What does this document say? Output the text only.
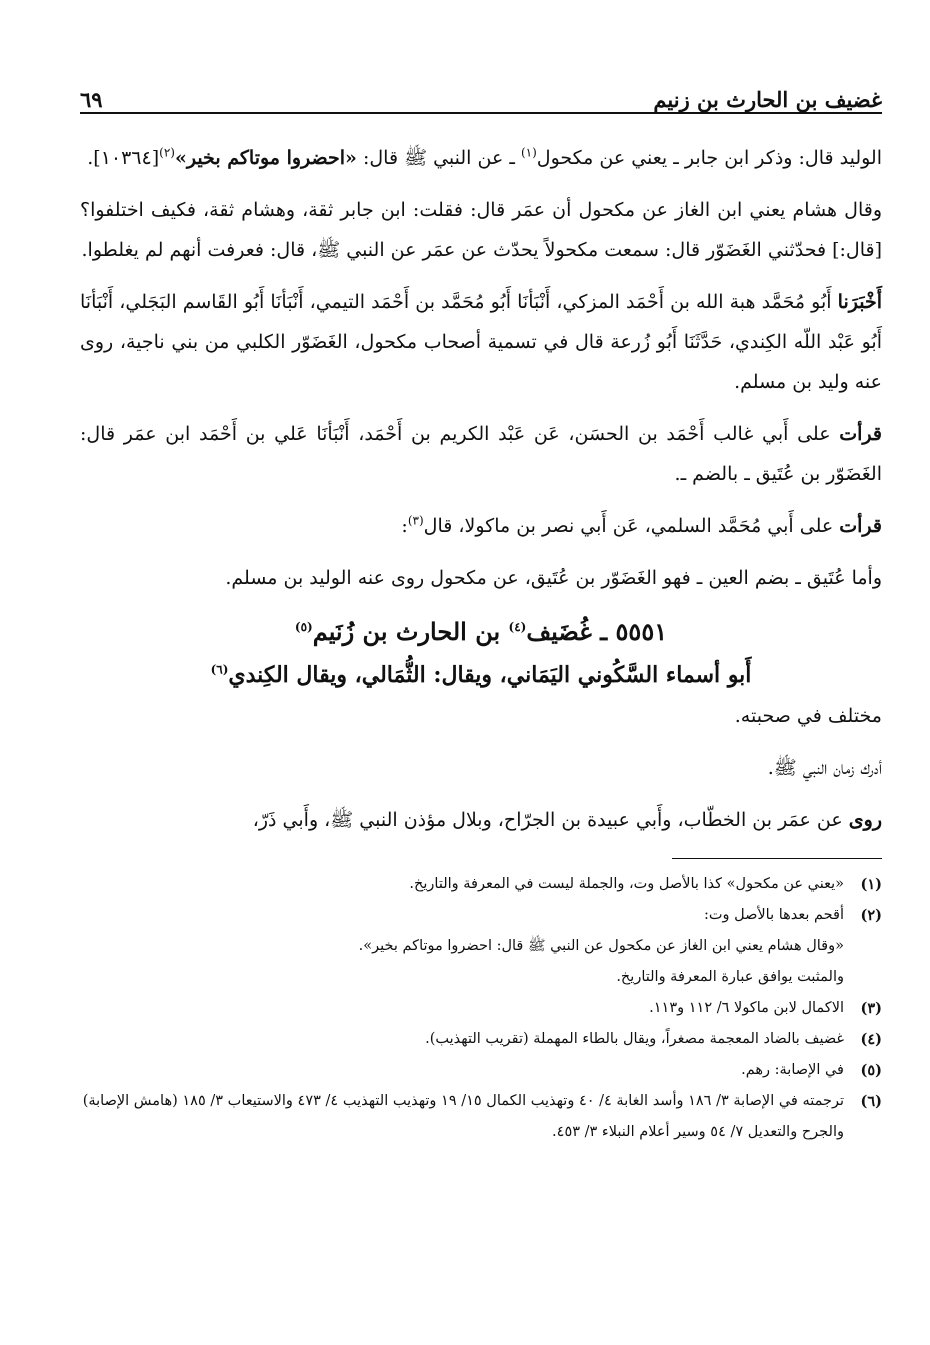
غضيف بن الحارث بن زنيم
٦٩

الوليد قال: وذكر ابن جابر ـ يعني عن مكحول$^{(١)}$ ـ عن النبي ﷺ قال: «احضروا موتاكم بخير»$^{(٢)}$[١٠٣٦٤].

وقال هشام يعني ابن الغاز عن مكحول أن عمَر قال: فقلت: ابن جابر ثقة، وهشام ثقة، فكيف اختلفوا؟ [قال:] فحدّثني الغَضَوّر قال: سمعت مكحولاً يحدّث عن عمَر عن النبي ﷺ، قال: فعرفت أنهم لم يغلطوا.

أَخْبَرَنا أَبُو مُحَمَّد هبة الله بن أَحْمَد المزكي، أَنْبَأنَا أَبُو مُحَمَّد بن أَحْمَد التيمي، أَنْبَأنَا أَبُو القَاسم البَجَلي، أَنْبَأنَا أَبُو عَبْد اللّه الكِندي، حَدَّثَنَا أَبُو زُرعة قال في تسمية أصحاب مكحول، الغَضَوّر الكلبي من بني ناجية، روى عنه وليد بن مسلم.

قرأت على أَبي غالب أَحْمَد بن الحسَن، عَن عَبْد الكريم بن أَحْمَد، أَنْبَأنَا عَلي بن أَحْمَد ابن عمَر قال: الغَضَوّر بن عُتَيق ـ بالضم ـ.

قرأت على أَبي مُحَمَّد السلمي، عَن أَبي نصر بن ماكولا، قال$^{(٣)}$:

وأما عُتَيق ـ بضم العين ـ فهو الغَضَوّر بن عُتَيق، عن مكحول روى عنه الوليد بن مسلم.

٥٥٥١ ـ غُضَيف$^{(٤)}$ بن الحارث بن زُنَيم$^{(٥)}$
أَبو أسماء السَّكُوني اليَمَاني، ويقال: الثُّمَالي، ويقال الكِندي$^{(٦)}$

مختلف في صحبته.

أدرك زمان النبي ﷺ.

روى عن عمَر بن الخطّاب، وأَبي عبيدة بن الجرّاح، وبلال مؤذن النبي ﷺ، وأَبي ذَرّ،

(١)
«يعني عن مكحول» كذا بالأصل وت، والجملة ليست في المعرفة والتاريخ.
(٢)
أقحم بعدها بالأصل وت:
«وقال هشام يعني ابن الغاز عن مكحول عن النبي ﷺ قال: احضروا موتاكم بخير».
والمثبت يوافق عبارة المعرفة والتاريخ.
(٣)
الاكمال لابن ماكولا ٦/ ١١٢ و١١٣.
(٤)
غضيف بالضاد المعجمة مصغراً، ويقال بالطاء المهملة (تقريب التهذيب).
(٥)
في الإصابة: رهم.
(٦)
ترجمته في الإصابة ٣/ ١٨٦ وأسد الغابة ٤/ ٤٠ وتهذيب الكمال ١٥/ ١٩ وتهذيب التهذيب ٤/ ٤٧٣ والاستيعاب ٣/ ١٨٥ (هامش الإصابة) والجرح والتعديل ٧/ ٥٤ وسير أعلام النبلاء ٣/ ٤٥٣.
